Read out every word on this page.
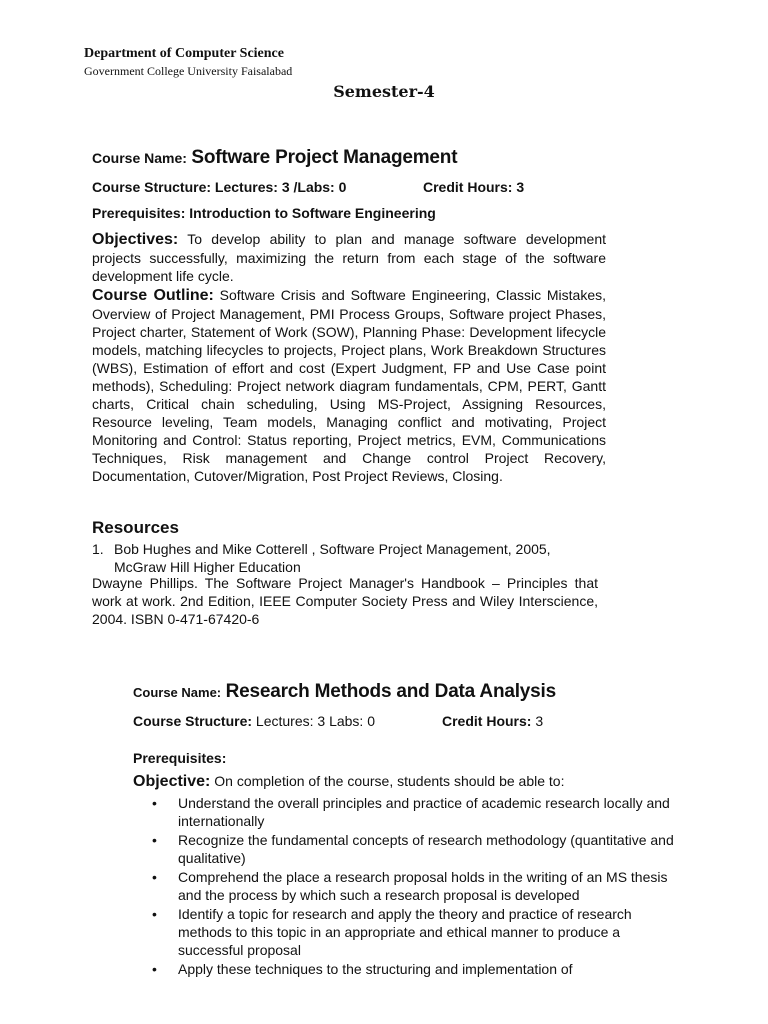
Department of Computer Science
Government College University Faisalabad
Semester-4
Course Name: Software Project Management
Course Structure: Lectures: 3 /Labs: 0	Credit Hours: 3
Prerequisites: Introduction to Software Engineering
Objectives: To develop ability to plan and manage software development projects successfully, maximizing the return from each stage of the software development life cycle.
Course Outline: Software Crisis and Software Engineering, Classic Mistakes, Overview of Project Management, PMI Process Groups, Software project Phases, Project charter, Statement of Work (SOW), Planning Phase: Development lifecycle models, matching lifecycles to projects, Project plans, Work Breakdown Structures (WBS), Estimation of effort and cost (Expert Judgment, FP and Use Case point methods), Scheduling: Project network diagram fundamentals, CPM, PERT, Gantt charts, Critical chain scheduling, Using MS-Project, Assigning Resources, Resource leveling, Team models, Managing conflict and motivating, Project Monitoring and Control: Status reporting, Project metrics, EVM, Communications Techniques, Risk management and Change control Project Recovery, Documentation, Cutover/Migration, Post Project Reviews, Closing.
Resources
1. Bob Hughes and Mike Cotterell , Software Project Management, 2005, McGraw Hill Higher Education
Dwayne Phillips. The Software Project Manager's Handbook – Principles that work at work. 2nd Edition, IEEE Computer Society Press and Wiley Interscience, 2004. ISBN 0-471-67420-6
Course Name: Research Methods and Data Analysis
Course Structure: Lectures: 3 Labs: 0	Credit Hours: 3
Prerequisites:
Objective: On completion of the course, students should be able to:
• Understand the overall principles and practice of academic research locally and internationally
• Recognize the fundamental concepts of research methodology (quantitative and qualitative)
• Comprehend the place a research proposal holds in the writing of an MS thesis and the process by which such a research proposal is developed
• Identify a topic for research and apply the theory and practice of research methods to this topic in an appropriate and ethical manner to produce a successful proposal
• Apply these techniques to the structuring and implementation of
